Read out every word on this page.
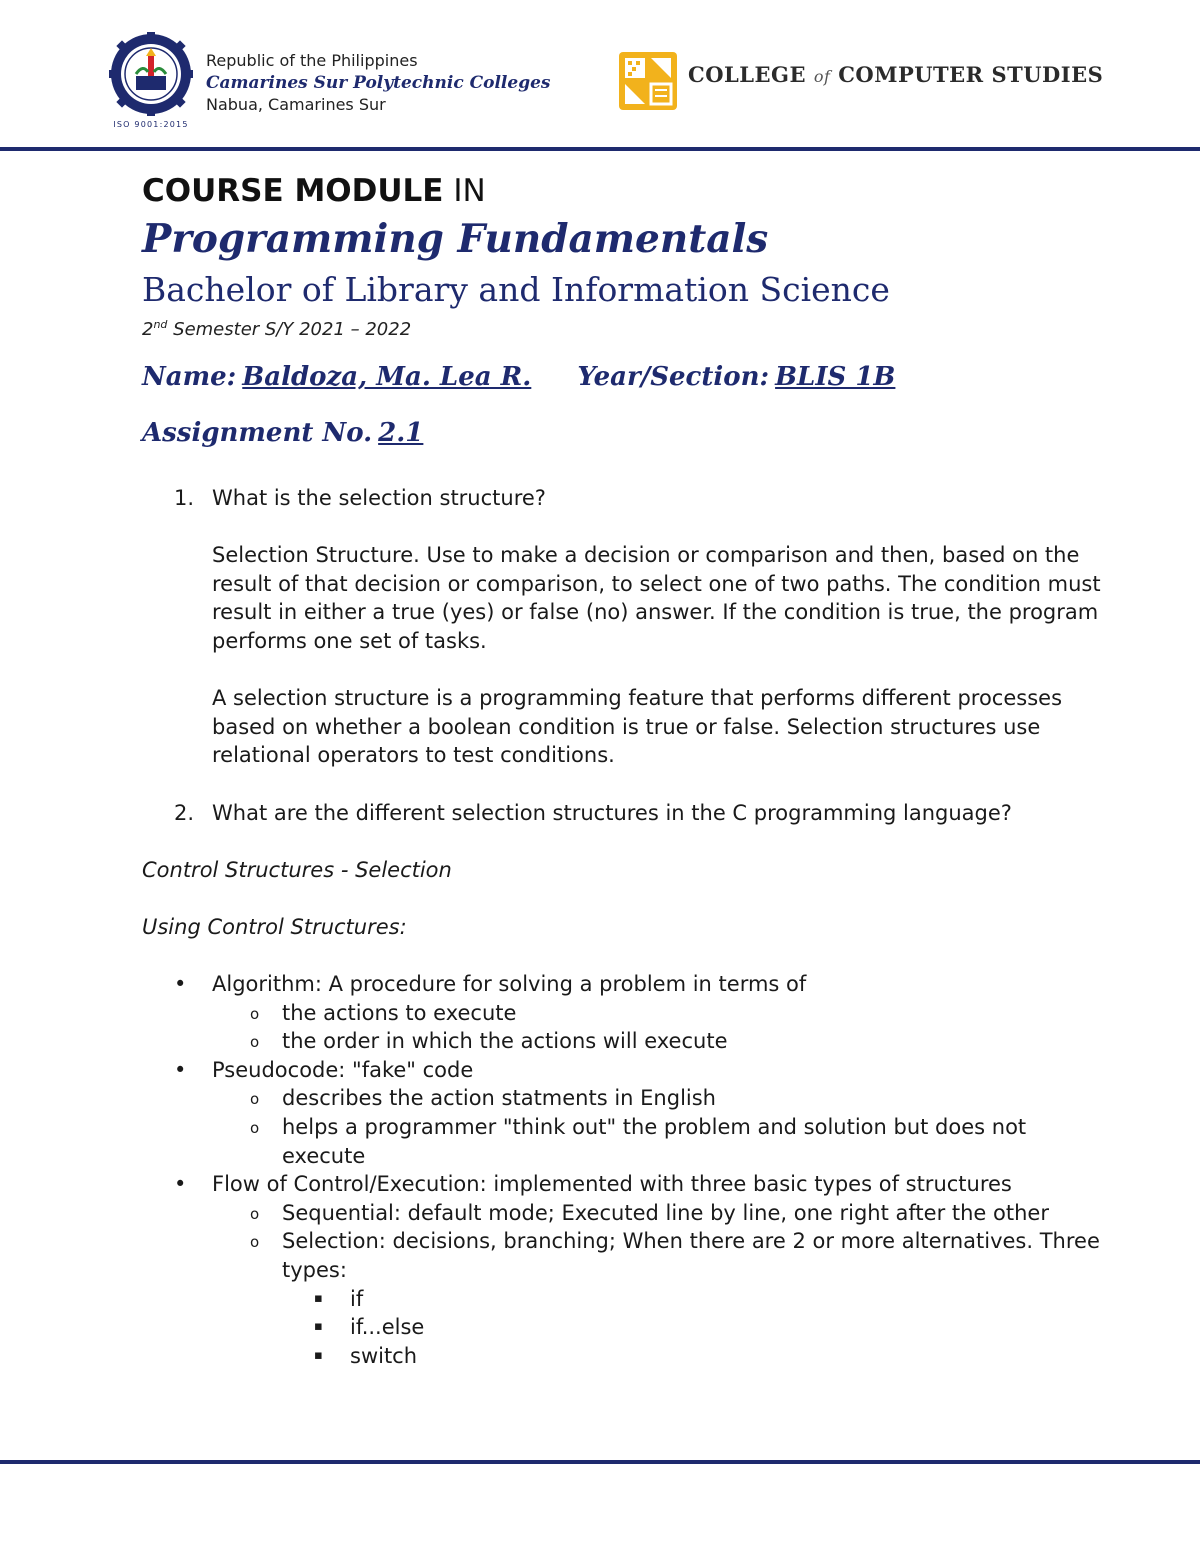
ISO 9001:2015
Republic of the Philippines
Camarines Sur Polytechnic Colleges
Nabua, Camarines Sur
COLLEGE of COMPUTER STUDIES
COURSE MODULE IN
Programming Fundamentals
Bachelor of Library and Information Science
2nd Semester S/Y 2021 – 2022
Name: Baldoza, Ma. Lea R. Year/Section: BLIS 1B
Assignment No. 2.1
1. What is the selection structure?
Selection Structure. Use to make a decision or comparison and then, based on the result of that decision or comparison, to select one of two paths. The condition must result in either a true (yes) or false (no) answer. If the condition is true, the program performs one set of tasks.
A selection structure is a programming feature that performs different processes based on whether a boolean condition is true or false. Selection structures use relational operators to test conditions.
2. What are the different selection structures in the C programming language?
Control Structures - Selection
Using Control Structures:
• Algorithm: A procedure for solving a problem in terms of
o the actions to execute
o the order in which the actions will execute
• Pseudocode: "fake" code
o describes the action statments in English
o helps a programmer "think out" the problem and solution but does not execute
• Flow of Control/Execution: implemented with three basic types of structures
o Sequential: default mode; Executed line by line, one right after the other
o Selection: decisions, branching; When there are 2 or more alternatives. Three types:
▪ if
▪ if...else
▪ switch
